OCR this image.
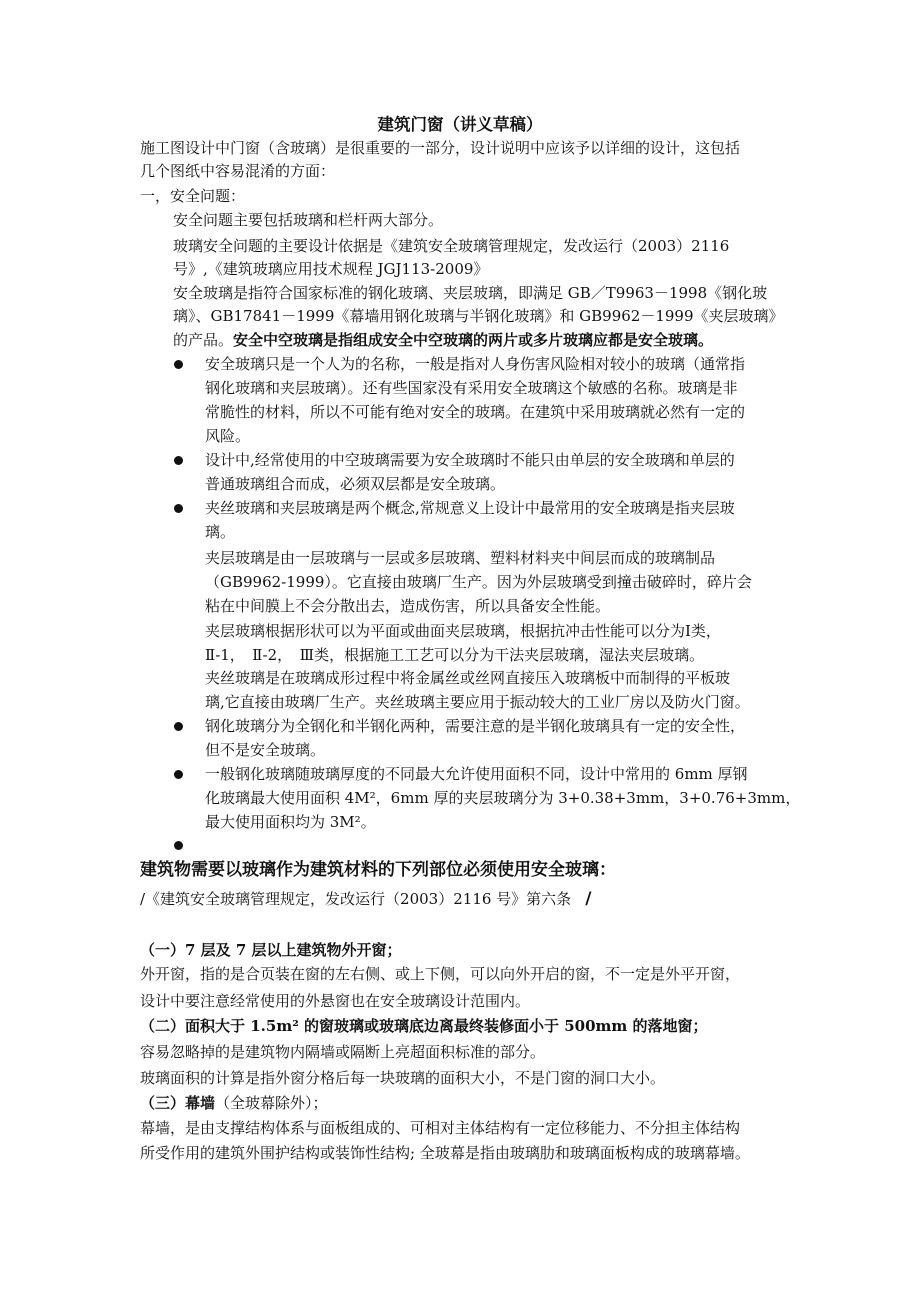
建筑门窗（讲义草稿）
施工图设计中门窗（含玻璃）是很重要的一部分，设计说明中应该予以详细的设计，这包括
几个图纸中容易混淆的方面：
一，安全问题：
安全问题主要包括玻璃和栏杆两大部分。
玻璃安全问题的主要设计依据是《建筑安全玻璃管理规定，发改运行（2003）2116
号》,《建筑玻璃应用技术规程 JGJ113-2009》
安全玻璃是指符合国家标准的钢化玻璃、夹层玻璃，即满足 GB／T9963－1998《钢化玻
璃》、GB17841－1999《幕墙用钢化玻璃与半钢化玻璃》和 GB9962－1999《夹层玻璃》
的产品。安全中空玻璃是指组成安全中空玻璃的两片或多片玻璃应都是安全玻璃。
安全玻璃只是一个人为的名称，一般是指对人身伤害风险相对较小的玻璃（通常指
钢化玻璃和夹层玻璃）。还有些国家没有采用安全玻璃这个敏感的名称。玻璃是非
常脆性的材料，所以不可能有绝对安全的玻璃。在建筑中采用玻璃就必然有一定的
风险。
设计中,经常使用的中空玻璃需要为安全玻璃时不能只由单层的安全玻璃和单层的
普通玻璃组合而成，必须双层都是安全玻璃。
夹丝玻璃和夹层玻璃是两个概念,常规意义上设计中最常用的安全玻璃是指夹层玻
璃。
夹层玻璃是由一层玻璃与一层或多层玻璃、塑料材料夹中间层而成的玻璃制品
（GB9962-1999）。它直接由玻璃厂生产。因为外层玻璃受到撞击破碎时，碎片会
粘在中间膜上不会分散出去，造成伤害，所以具备安全性能。
夹层玻璃根据形状可以为平面或曲面夹层玻璃，根据抗冲击性能可以分为Ⅰ类，
Ⅱ-1，　Ⅱ-2，　Ⅲ类，根据施工工艺可以分为干法夹层玻璃，湿法夹层玻璃。
夹丝玻璃是在玻璃成形过程中将金属丝或丝网直接压入玻璃板中而制得的平板玻
璃,它直接由玻璃厂生产。夹丝玻璃主要应用于振动较大的工业厂房以及防火门窗。
钢化玻璃分为全钢化和半钢化两种，需要注意的是半钢化玻璃具有一定的安全性，
但不是安全玻璃。
一般钢化玻璃随玻璃厚度的不同最大允许使用面积不同，设计中常用的 6mm 厚钢
化玻璃最大使用面积 4M²，6mm 厚的夹层玻璃分为 3+0.38+3mm，3+0.76+3mm，
最大使用面积均为 3M²。
建筑物需要以玻璃作为建筑材料的下列部位必须使用安全玻璃：
/《建筑安全玻璃管理规定，发改运行（2003）2116 号》第六条 /
（一）7 层及 7 层以上建筑物外开窗；
外开窗，指的是合页装在窗的左右侧、或上下侧，可以向外开启的窗，不一定是外平开窗，
设计中要注意经常使用的外悬窗也在安全玻璃设计范围内。
（二）面积大于 1.5m² 的窗玻璃或玻璃底边离最终装修面小于 500mm 的落地窗；
容易忽略掉的是建筑物内隔墙或隔断上亮超面积标准的部分。
玻璃面积的计算是指外窗分格后每一块玻璃的面积大小，不是门窗的洞口大小。
（三）幕墙（全玻幕除外）；
幕墙，是由支撑结构体系与面板组成的、可相对主体结构有一定位移能力、不分担主体结构
所受作用的建筑外围护结构或装饰性结构; 全玻幕是指由玻璃肋和玻璃面板构成的玻璃幕墙。
